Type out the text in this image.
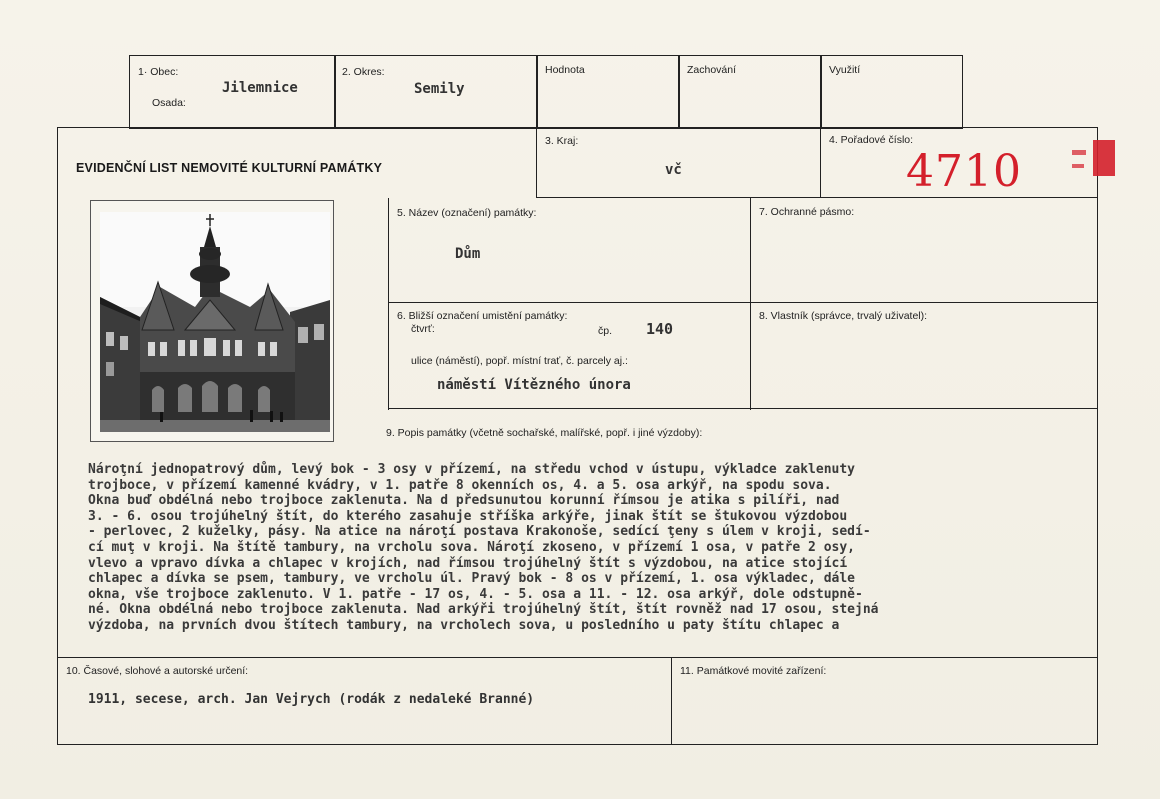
1· Obec:
Osada:
Jilemnice
2. Okres:
Semily
Hodnota	Zachování	Využití
EVIDENČNÍ LIST NEMOVITÉ KULTURNÍ PAMÁTKY
3. Kraj:
vč
4. Pořadové číslo:
4710
5. Název (označení) památky:
Dům
7. Ochranné pásmo:
6. Bližší označení umistění památky:
čtvrť:	čp. 140
ulice (náměstí), popř. místní trať, č. parcely aj.:
náměstí Vítězného února
8. Vlastník (správce, trvalý uživatel):
9. Popis památky (včetně sochařské, malířské, popř. i jiné výzdoby):
Nároţní jednopatrový dům, levý bok - 3 osy v přízemí, na středu vchod v ústupu, výkladce zaklenuty
trojboce, v přízemí kamenné kvádry, v 1. patře 8 okenních os, 4. a 5. osa arkýř, na spodu sova.
Okna buď obdélná nebo trojboce zaklenuta. Na d předsunutou korunní římsou je atika s pilíři, nad
3. - 6. osou trojúhelný štít, do kterého zasahuje stříška arkýře, jinak štít se štukovou výzdobou
- perlovec, 2 kuželky, pásy. Na atice na nároţí postava Krakonoše, sedící ţeny s úlem v kroji, sedí-
cí muţ v kroji. Na štítě tambury, na vrcholu sova. Nároţí zkoseno, v přízemí 1 osa, v patře 2 osy,
vlevo a vpravo dívka a chlapec v krojích, nad římsou trojúhelný štít s výzdobou, na atice stojící
chlapec a dívka se psem, tambury, ve vrcholu úl. Pravý bok - 8 os v přízemí, 1. osa výkladec, dále
okna, vše trojboce zaklenuto. V 1. patře - 17 os, 4. - 5. osa a 11. - 12. osa arkýř, dole odstupně-
né. Okna obdélná nebo trojboce zaklenuta. Nad arkýři trojúhelný štít, štít rovněž nad 17 osou, stejná
výzdoba, na prvních dvou štítech tambury, na vrcholech sova, u posledního u paty štítu chlapec a
10. Časové, slohové a autorské určení:
1911, secese, arch. Jan Vejrych (rodák z nedaleké Branné)
11. Památkové movité zařízení:
